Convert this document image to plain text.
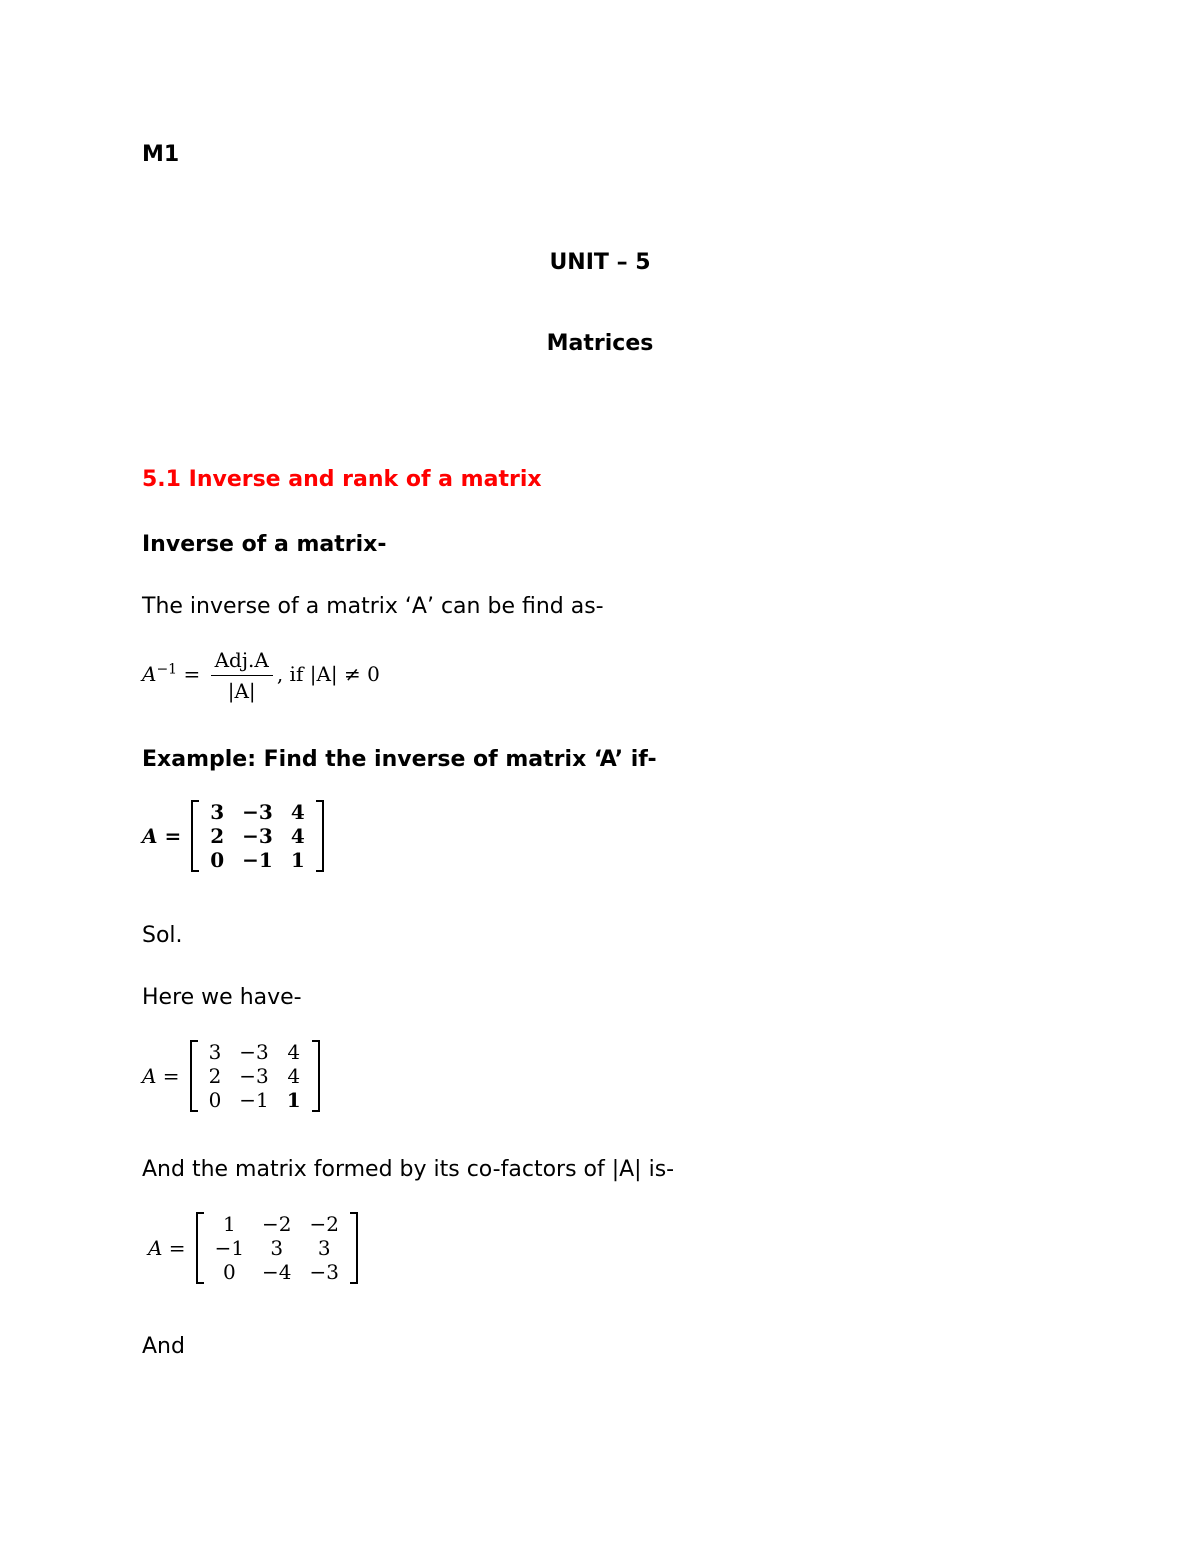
M1
UNIT – 5
Matrices
5.1 Inverse and rank of a matrix
Inverse of a matrix-
The inverse of a matrix ‘A’ can be find as-
$A^{-1} = \frac{\text{Adj.A}}{|A|}$ , if |A| ≠ 0
Example: Find the inverse of matrix ‘A’ if-
A =
3	−3	4
2	−3	4
0	−1	1
Sol.
Here we have-
A =
3	−3	4
2	−3	4
0	−1	1
And the matrix formed by its co-factors of |A| is-
A =
1	−2	−2
−1	3	3
0	−4	−3
And
